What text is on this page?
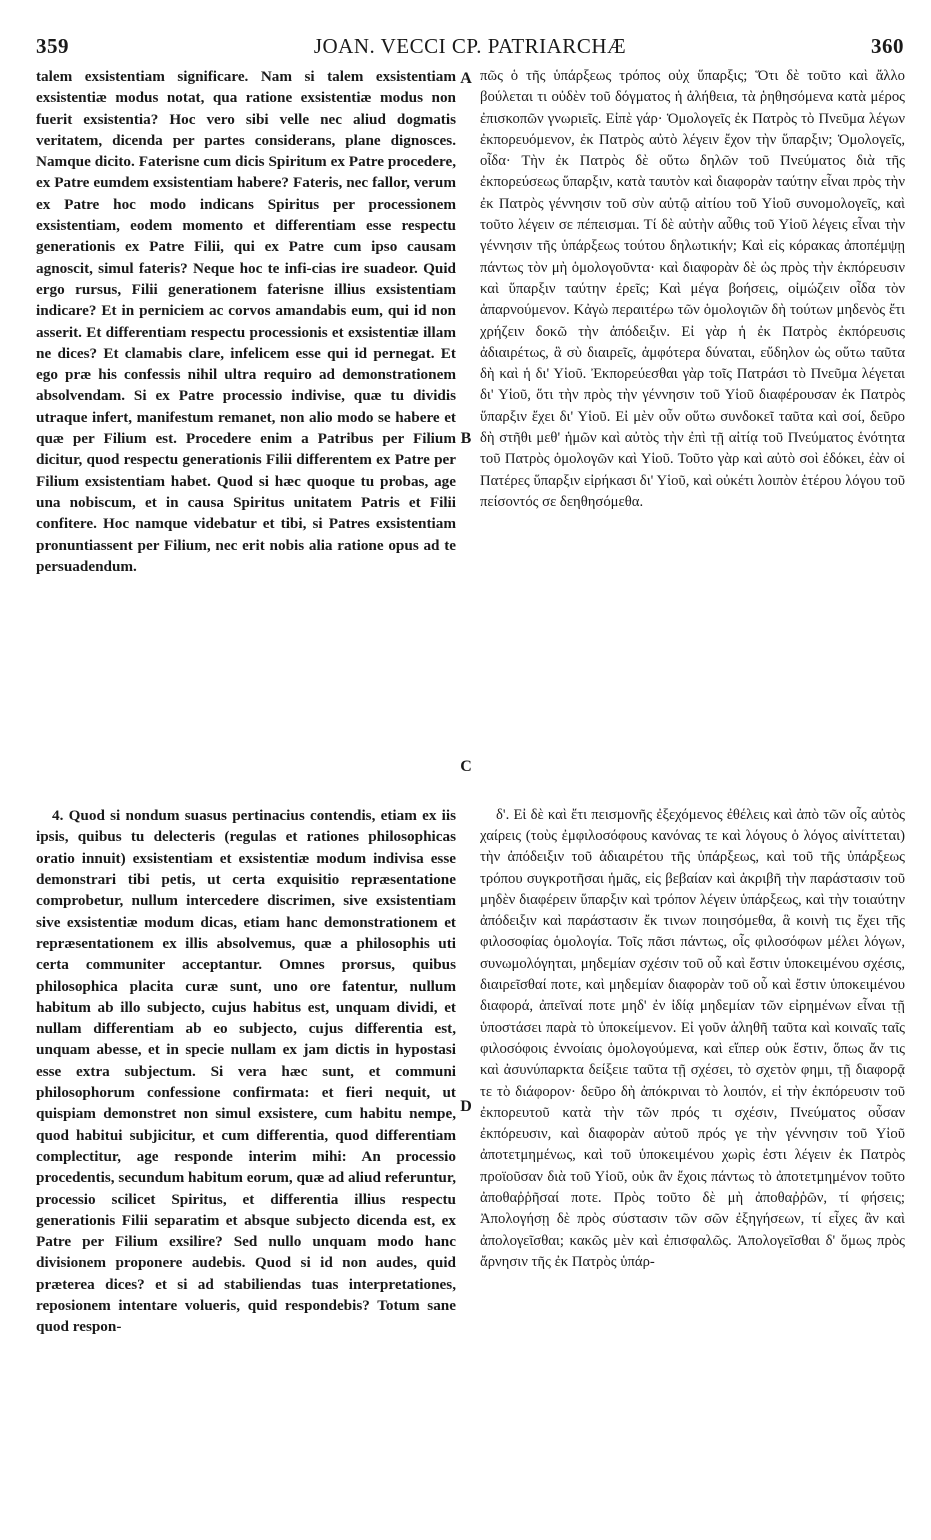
359	JOAN. VECCI CP. PATRIARCHÆ	360

talem exsistentiam significare. Nam si talem exsistentiam exsistentiæ modus notat, qua ratione exsistentiæ modus non fuerit exsistentia? Hoc vero sibi velle nec aliud dogmatis veritatem, dicenda per partes considerans, plane dignosces. Namque dicito. Faterisne cum dicis Spiritum ex Patre procedere, ex Patre eumdem exsistentiam habere? Fateris, nec fallor, verum ex Patre hoc modo indicans Spiritus per processionem exsistentiam, eodem momento et differentiam esse respectu generationis ex Patre Filii, qui ex Patre cum ipso causam agnoscit, simul fateris? Neque hoc te infi-cias ire suadeor. Quid ergo rursus, Filii generationem faterisne illius exsistentiam indicare? Et in perniciem ac corvos amandabis eum, qui id non asserit. Et differentiam respectu processionis et exsistentiæ illam ne dices? Et clamabis clare, infelicem esse qui id pernegat. Et ego præ his confessis nihil ultra requiro ad demonstrationem absolvendam. Si ex Patre processio indivise, quæ tu dividis utraque infert, manifestum remanet, non alio modo se habere et quæ per Filium est. Procedere enim a Patribus per Filium dicitur, quod respectu generationis Filii differentem ex Patre per Filium exsistentiam habet. Quod si hæc quoque tu probas, age una nobiscum, et in causa Spiritus unitatem Patris et Filii confitere. Hoc namque videbatur et tibi, si Patres exsistentiam pronuntiassent per Filium, nec erit nobis alia ratione opus ad te persuadendum.

πῶς ὁ τῆς ὑπάρξεως τρόπος οὐχ ὕπαρξις; Ὅτι δὲ τοῦτο καὶ ἄλλο βούλεται τι οὐδὲν τοῦ δόγματος ἡ ἀλήθεια, τὰ ῥηθησόμενα κατὰ μέρος ἐπισκοπῶν γνωριεῖς. Εἰπὲ γάρ· Ὁμολογεῖς ἐκ Πατρὸς τὸ Πνεῦμα λέγων ἐκπορευόμενον, ἐκ Πατρὸς αὐτὸ λέγειν ἔχον τὴν ὕπαρξιν; Ὁμολογεῖς, οἶδα· Τὴν ἐκ Πατρὸς δὲ οὕτω δηλῶν τοῦ Πνεύματος διὰ τῆς ἐκπορεύσεως ὕπαρξιν, κατὰ ταυτὸν καὶ διαφορὰν ταύτην εἶναι πρὸς τὴν ἐκ Πατρὸς γέννησιν τοῦ σὺν αὐτῷ αἰτίου τοῦ Υἱοῦ συνομολογεῖς, καὶ τοῦτο λέγειν σε πέπεισμαι. Τί δὲ αὐτὴν αὖθις τοῦ Υἱοῦ λέγεις εἶναι τὴν γέννησιν τῆς ὑπάρξεως τούτου δηλωτικήν; Καὶ εἰς κόρακας ἀποπέμψῃ πάντως τὸν μὴ ὁμολογοῦντα· καὶ διαφορὰν δὲ ὡς πρὸς τὴν ἐκπόρευσιν καὶ ὕπαρξιν ταύτην ἐρεῖς; Καὶ μέγα βοήσεις, οἰμώζειν οἶδα τὸν ἀπαρνούμενον. Κἀγὼ περαιτέρω τῶν ὁμολογιῶν δὴ τούτων μηδενὸς ἔτι χρήζειν δοκῶ τὴν ἀπόδειξιν. Εἰ γὰρ ἡ ἐκ Πατρὸς ἐκπόρευσις ἀδιαιρέτως, ἃ σὺ διαιρεῖς, ἀμφότερα δύναται, εὔδηλον ὡς οὕτω ταῦτα δὴ καὶ ἡ δι' Υἱοῦ. Ἐκπορεύεσθαι γὰρ τοῖς Πατράσι τὸ Πνεῦμα λέγεται δι' Υἱοῦ, ὅτι τὴν πρὸς τὴν γέννησιν τοῦ Υἱοῦ διαφέρουσαν ἐκ Πατρὸς ὕπαρξιν ἔχει δι' Υἱοῦ. Εἰ μὲν οὖν οὕτω συνδοκεῖ ταῦτα καὶ σοί, δεῦρο δὴ στῆθι μεθ' ἡμῶν καὶ αὐτὸς τὴν ἐπὶ τῇ αἰτίᾳ τοῦ Πνεύματος ἑνότητα τοῦ Πατρὸς ὁμολογῶν καὶ Υἱοῦ. Τοῦτο γὰρ καὶ αὐτὸ σοὶ ἐδόκει, ἐὰν οἱ Πατέρες ὕπαρξιν εἰρήκασι δι' Υἱοῦ, καὶ οὐκέτι λοιπὸν ἑτέρου λόγου τοῦ πείσοντός σε δεηθησόμεθα.

A
B
C
D

4. Quod si nondum suasus pertinacius contendis, etiam ex iis ipsis, quibus tu delecteris (regulas et rationes philosophicas oratio innuit) exsistentiam et exsistentiæ modum indivisa esse demonstrari tibi petis, ut certa exquisitio repræsentatione comprobetur, nullum intercedere discrimen, sive exsistentiam sive exsistentiæ modum dicas, etiam hanc demonstrationem et repræsentationem ex illis absolvemus, quæ a philosophis uti certa communiter acceptantur. Omnes prorsus, quibus philosophica placita curæ sunt, uno ore fatentur, nullum habitum ab illo subjecto, cujus habitus est, unquam dividi, et nullam differentiam ab eo subjecto, cujus differentia est, unquam abesse, et in specie nullam ex jam dictis in hypostasi esse extra subjectum. Si vera hæc sunt, et communi philosophorum confessione confirmata: et fieri nequit, ut quispiam demonstret non simul exsistere, cum habitu nempe, quod habitui subjicitur, et cum differentia, quod differentiam complectitur, age responde interim mihi: An processio procedentis, secundum habitum eorum, quæ ad aliud referuntur, processio scilicet Spiritus, et differentia illius respectu generationis Filii separatim et absque subjecto dicenda est, ex Patre per Filium exsilire? Sed nullo unquam modo hanc divisionem proponere audebis. Quod si id non audes, quid præterea dices? et si ad stabiliendas tuas interpretationes, reposionem intentare volueris, quid respondebis? Totum sane quod respon-

δ'. Εἰ δὲ καὶ ἔτι πεισμονῆς ἐξεχόμενος ἐθέλεις καὶ ἀπὸ τῶν οἷς αὐτὸς χαίρεις (τοὺς ἐμφιλοσόφους κανόνας τε καὶ λόγους ὁ λόγος αἰνίττεται) τὴν ἀπόδειξιν τοῦ ἀδιαιρέτου τῆς ὑπάρξεως, καὶ τοῦ τῆς ὑπάρξεως τρόπου συγκροτῆσαι ἡμᾶς, εἰς βεβαίαν καὶ ἀκριβῆ τὴν παράστασιν τοῦ μηδὲν διαφέρειν ὕπαρξιν καὶ τρόπον λέγειν ὑπάρξεως, καὶ τὴν τοιαύτην ἀπόδειξιν καὶ παράστασιν ἔκ τινων ποιησόμεθα, ἃ κοινὴ τις ἔχει τῆς φιλοσοφίας ὁμολογία. Τοῖς πᾶσι πάντως, οἷς φιλοσόφων μέλει λόγων, συνωμολόγηται, μηδεμίαν σχέσιν τοῦ οὗ καὶ ἔστιν ὑποκειμένου σχέσις, διαιρεῖσθαί ποτε, καὶ μηδεμίαν διαφορὰν τοῦ οὗ καὶ ἔστιν ὑποκειμένου διαφορά, ἀπεῖναί ποτε μηδ' ἐν ἰδίᾳ μηδεμίαν τῶν εἰρημένων εἶναι τῇ ὑποστάσει παρὰ τὸ ὑποκείμενον. Εἰ γοῦν ἀληθῆ ταῦτα καὶ κοιναῖς ταῖς φιλοσόφοις ἐννοίαις ὁμολογούμενα, καὶ εἴπερ οὐκ ἔστιν, ὅπως ἄν τις καὶ ἀσυνύπαρκτα δείξειε ταῦτα τῇ σχέσει, τὸ σχετὸν φημι, τῇ διαφορᾷ τε τὸ διάφορον· δεῦρο δὴ ἀπόκριναι τὸ λοιπόν, εἰ τὴν ἐκπόρευσιν τοῦ ἐκπορευτοῦ κατὰ τὴν τῶν πρός τι σχέσιν, Πνεύματος οὖσαν ἐκπόρευσιν, καὶ διαφορὰν αὐτοῦ πρός γε τὴν γέννησιν τοῦ Υἱοῦ ἀποτετμημένως, καὶ τοῦ ὑποκειμένου χωρὶς ἐστι λέγειν ἐκ Πατρὸς προϊοῦσαν διὰ τοῦ Υἱοῦ, οὐκ ἂν ἔχοις πάντως τὸ ἀποτετμημένον τοῦτο ἀποθαῤῥῆσαί ποτε. Πρὸς τοῦτο δὲ μὴ ἀποθαῤῥῶν, τί φήσεις; Ἀπολογήσῃ δὲ πρὸς σύστασιν τῶν σῶν ἐξηγήσεων, τί εἶχες ἂν καὶ ἀπολογεῖσθαι; κακῶς μὲν καὶ ἐπισφαλῶς. Ἀπολογεῖσθαι δ' ὅμως πρὸς ἄρνησιν τῆς ἐκ Πατρὸς ὑπάρ-
